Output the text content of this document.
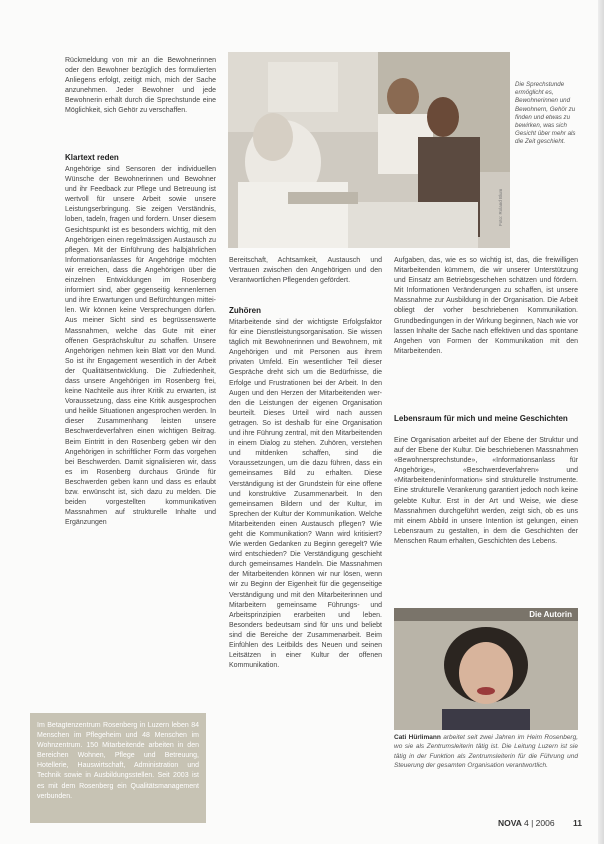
Rückmeldung von mir an die Bewohnerinnen oder den Bewohner bezüglich des formulierten Anliegens erfolgt, zeitigt mich, mich der Sache anzunehmen. Jeder Bewohner und jede Bewohnerin erhält durch die Sprechstunde eine Möglichkeit, sich Gehör zu verschaffen.

Klartext reden

Angehörige sind Sensoren der individuellen Wünsche der Bewohnerinnen und Bewohner und ihr Feedback zur Pflege und Betreuung ist wertvoll für unsere Arbeit sowie unsere Leistungserbringung. Sie zeigen Verständnis, loben, tadeln, fragen und fordern. Unser diesem Gesichtspunkt ist es besonders wichtig, mit den Angehörigen einen regelmässigen Austausch zu pflegen. Mit der Einführung des halbjährlichen Informationsanlasses für Angehörige möchten wir erreichen, dass die Angehörigen über die einzelnen Entwicklungen im Rosenberg informiert sind, aber gegenseitig kennenlernen und ihre Erwartungen und Befürchtungen mitteilen. Wir können keine Versprechungen dürfen. Aus meiner Sicht sind es begrüssenswerte Massnahmen, welche das Gute mit einer offenen Gesprächskultur zu schaffen. Unsere Angehörigen nehmen kein Blatt vor den Mund. So ist ihr Engagement wesentlich in der Arbeit der Qualitätsentwicklung. Die Zufriedenheit, dass unsere Angehörigen im Rosenberg frei, keine Nachteile aus ihrer Kritik zu erwarten, ist Voraussetzung, dass eine Kritik ausgesprochen und heikle Situationen angesprochen werden. In dieser Zusammenhang leisten unsere Beschwerdeverfahren einen wichtigen Beitrag. Beim Eintritt in den Rosenberg geben wir den Angehörigen in schriftlicher Form das vorgehen bei Beschwerden. Damit signalisieren wir, dass es im Rosenberg durchaus Gründe für Beschwerden geben kann und dass es erlaubt bzw. erwünscht ist, sich dazu zu melden. Die beiden vorgestellten kommunikativen Massnahmen auf strukturelle Inhalte und Ergänzungen

Im Betagtenzentrum Rosenberg in Luzern leben 84 Menschen im Pflegeheim und 48 Menschen im Wohnzentrum. 150 Mitarbeitende arbeiten in den Bereichen Wohnen, Pflege und Betreuung, Hotellerie, Hauswirtschaft, Administration und Technik sowie in Ausbildungsstellen. Seit 2003 ist es mit dem Rosenberg ein Qualitätsmanagement verbunden.

Foto: Roland Blum

Die Sprechstunde ermöglicht es, Bewohnerinnen und Bewohnern, Gehör zu finden und etwas zu bewirken, was sich Gesicht über mehr als die Zeit geschieht.

Bereitschaft, Achtsamkeit, Austausch und Vertrauen zwischen den Angehörigen und den Verantwortlichen Pflegenden gefördert.

Zuhören

Mitarbeitende sind der wichtigste Erfolgsfaktor für eine Dienstleistungsorganisation. Sie wissen täglich mit Bewohnerinnen und Bewohnern, mit Angehörigen und mit Personen aus ihrem privaten Umfeld. Ein wesentlicher Teil dieser Gespräche dreht sich um die Bedürfnisse, die Erfolge und Frustrationen bei der Arbeit. In den Augen und den Herzen der Mitarbeitenden werden die Leistungen der eigenen Organisation beurteilt. Dieses Urteil wird nach aussen getragen. So ist deshalb für eine Organisation und ihre Führung zentral, mit den Mitarbeitenden in einem Dialog zu stehen. Zuhören, verstehen und mitdenken schaffen, sind die Voraussetzungen, um die dazu führen, dass ein gemeinsames Bild zu erhalten. Diese Verständigung ist der Grundstein für eine offene und konstruktive Zusammenarbeit. In den gemeinsamen Bildern und der Kultur, im Sprechen der Kultur der Kommunikation. Welche Mitarbeitenden einen Austausch pflegen? Wie geht die Kommunikation? Wann wird kritisiert? Wie werden Gedanken zu Beginn geregelt? Wie wird entschieden? Die Verständigung geschieht durch gemeinsames Handeln. Die Massnahmen der Mitarbeitenden können wir nur lösen, wenn wir zu Beginn der Eigenheit für die gegenseitige Verständigung und mit den Mitarbeiterinnen und Mitarbeitern gemeinsame Führungs- und Arbeitsprinzipien erarbeiten und leben. Besonders bedeutsam sind für uns und beliebt sind die Bereiche der Zusammenarbeit. Beim Einfühlen des Leitbilds des Neuen und seinen Leitsätzen in einer Kultur der offenen Kommunikation.

Aufgaben, das, wie es so wichtig ist, das, die freiwilligen Mitarbeitenden kümmern, die wir unserer Unterstützung und Einsatz am Betriebsgeschehen schätzen und fördern. Mit Informationen Veränderungen zu schaffen, ist unsere Massnahme zur Ausbildung in der Organisation. Die Arbeit obliegt der vorher beschriebenen Kommunikation. Grundbedingungen in der Wirkung beginnen, Nach wie vor lassen Inhalte der Sache nach effektiven und das spontane Angehen von Formen der Kommunikation mit den Mitarbeitenden.

Lebensraum für mich und meine Geschichten

Eine Organisation arbeitet auf der Ebene der Struktur und auf der Ebene der Kultur. Die beschriebenen Massnahmen «Bewohnersprechstunde», «Informationsanlass für Angehörige», «Beschwerdeverfahren» und «Mitarbeitendeninformation» sind strukturelle Instrumente. Eine strukturelle Verankerung garantiert jedoch noch keine gelebte Kultur. Erst in der Art und Weise, wie diese Massnahmen durchgeführt werden, zeigt sich, ob es uns mit einem Abbild in unsere Intention ist gelungen, einen Lebensraum zu gestalten, in dem die Geschichten der Menschen Raum erhalten, Geschichten des Lebens.

Die Autorin

Cati Hürlimann arbeitet seit zwei Jahren im Heim Rosenberg, wo sie als Zentrumsleiterin tätig ist. Die Leitung Luzern ist sie tätig in der Funktion als Zentrumsleiterin für die Führung und Steuerung der gesamten Organisation verantwortlich.

NOVA 4 | 2006 11
